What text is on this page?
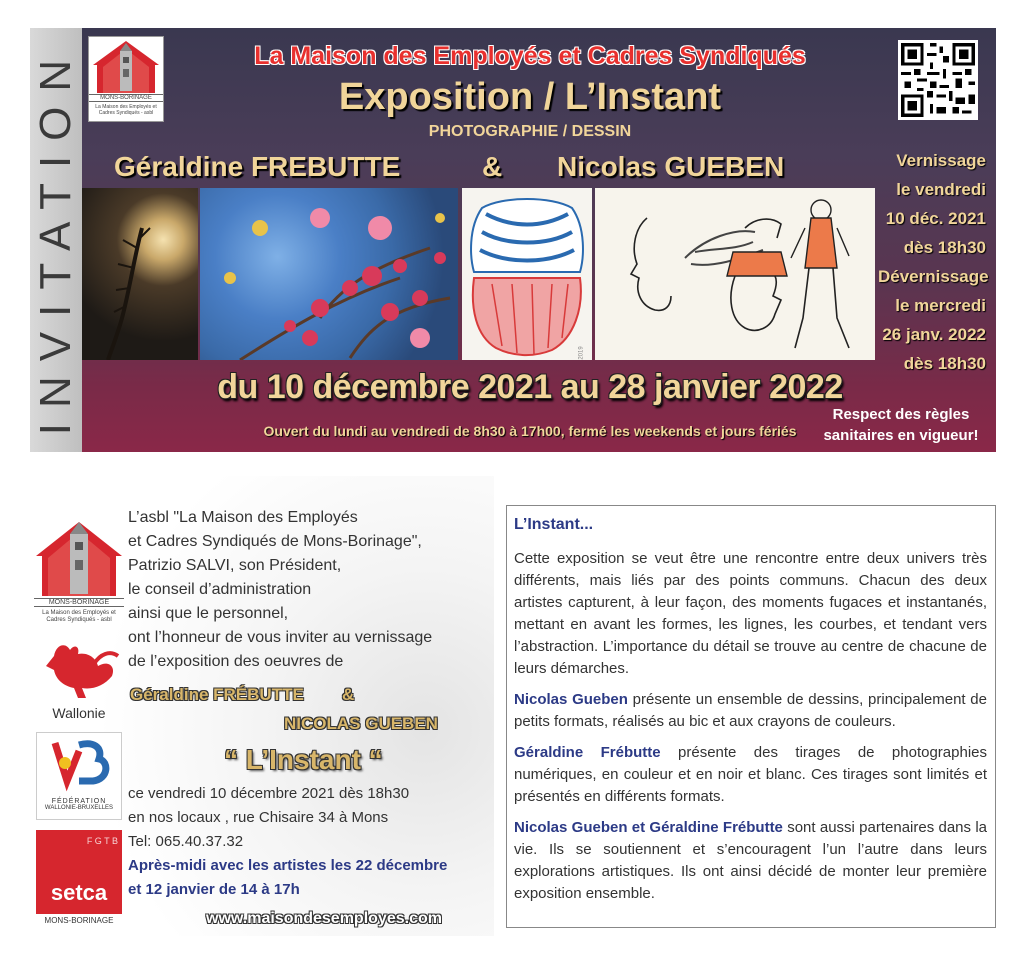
INVITATION	MONS-BORINAGE
La Maison des Employés et Cadres Syndiqués - asbl
La Maison des Employés et Cadres Syndiqués
Exposition / L’Instant
PHOTOGRAPHIE / DESSIN
Géraldine FREBUTTE	& Nicolas GUEBEN
2019
Vernissage
le vendredi
10 déc. 2021
dès 18h30
Dévernissage
le mercredi
26 janv. 2022
dès 18h30
du 10 décembre 2021 au 28 janvier 2022
Ouvert du lundi au vendredi de 8h30 à 17h00, fermé les weekends et jours fériés
Respect des règles
sanitaires en vigueur!
MONS-BORINAGE
La Maison des Employés et Cadres Syndiqués - asbl
Wallonie
FÉDÉRATION
WALLONIE-BRUXELLES
F G T B
setca
MONS-BORINAGE
L’asbl "La Maison des Employés
et Cadres Syndiqués de Mons-Borinage",
Patrizio SALVI, son Président,
le conseil d’administration
ainsi que le personnel,
ont l’honneur de vous inviter au vernissage
de l’exposition des oeuvres de
Géraldine FRÉBUTTE &
NICOLAS GUEBEN
“ L’Instant “
ce vendredi 10 décembre 2021 dès 18h30
en nos locaux , rue Chisaire 34 à Mons
Tel: 065.40.37.32
Après-midi avec les artistes les 22 décembre
et 12 janvier de 14 à 17h
www.maisondesemployes.com
L’Instant...

Cette exposition se veut être une rencontre entre deux univers très différents, mais liés par des points communs. Chacun des deux artistes capturent, à leur façon, des moments fugaces et instantanés, mettant en avant les formes, les lignes, les courbes, et tendant vers l’abstraction. L’importance du détail se trouve au centre de chacune de leurs démarches.

Nicolas Gueben présente un ensemble de dessins, principalement de petits formats, réalisés au bic et aux crayons de couleurs.

Géraldine Frébutte présente des tirages de photographies numériques, en couleur et en noir et blanc. Ces tirages sont limités et présentés en différents formats.

Nicolas Gueben et Géraldine Frébutte sont aussi partenaires dans la vie. Ils se soutiennent et s’encouragent l’un l’autre dans leurs explorations artistiques. Ils ont ainsi décidé de monter leur première exposition ensemble.
